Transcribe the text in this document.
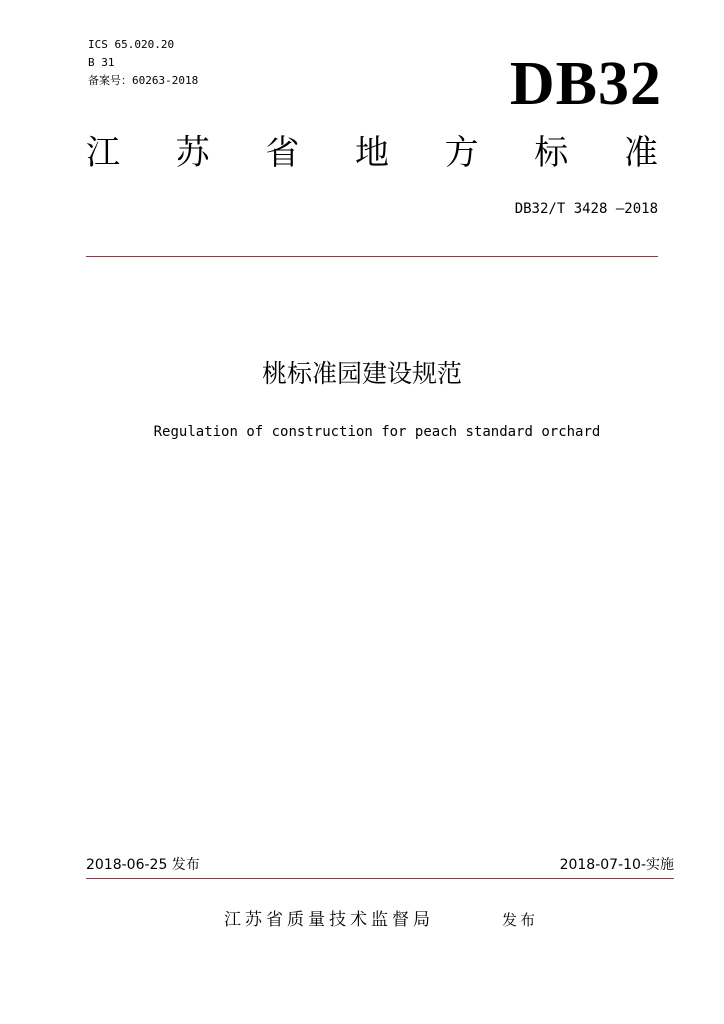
ICS 65.020.20
B 31
备案号：60263-2018	DB32
江 苏 省 地 方 标 准
DB32/T 3428 —2018
桃标准园建设规范
Regulation of construction for peach standard orchard
2018-06-25 发布	2018-07-10-实施
江苏省质量技术监督局	发布
